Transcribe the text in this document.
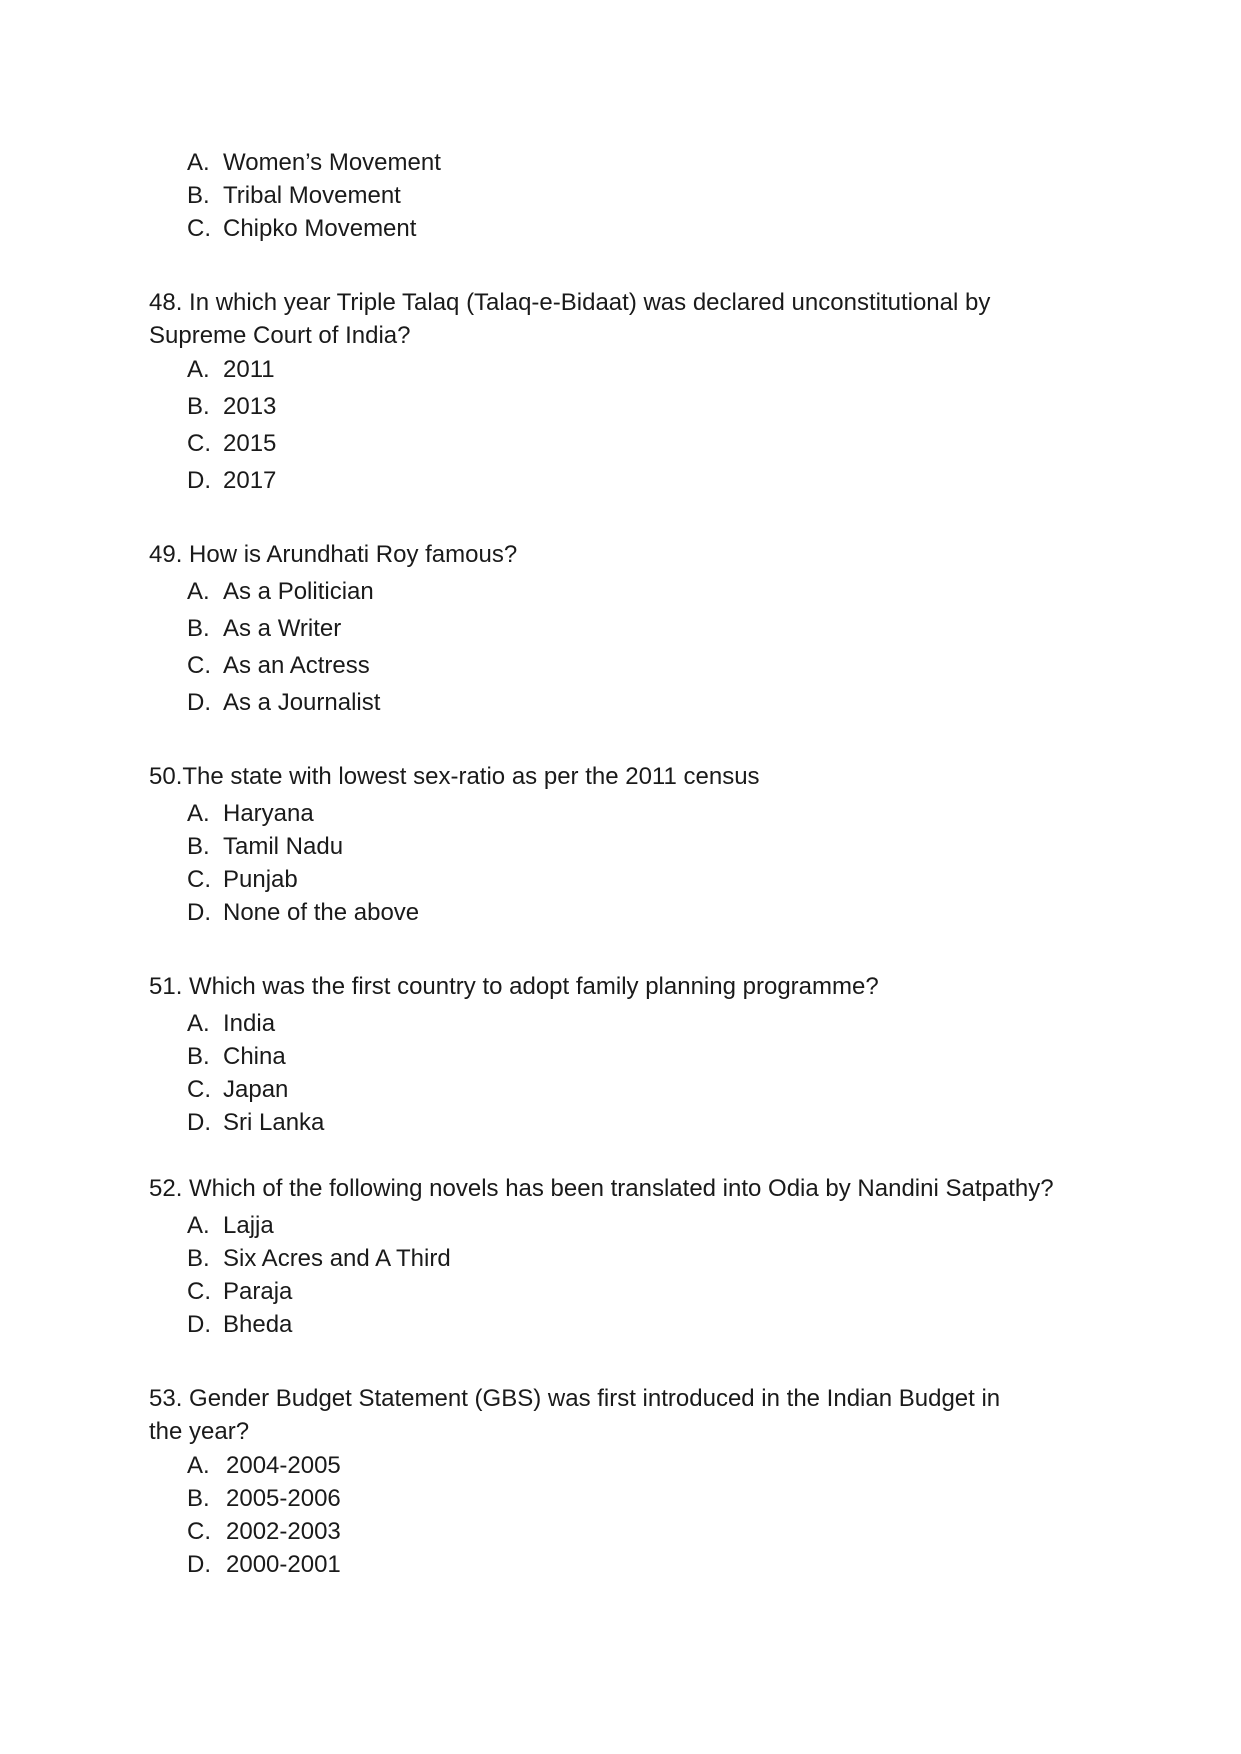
A. Women’s Movement
B. Tribal Movement
C. Chipko Movement
48. In which year Triple Talaq (Talaq-e-Bidaat) was declared unconstitutional by
Supreme Court of India?
A. 2011
B. 2013
C. 2015
D. 2017
49. How is Arundhati Roy famous?
A. As a Politician
B. As a Writer
C. As an Actress
D. As a Journalist
50.The state with lowest sex-ratio as per the 2011 census
A. Haryana
B. Tamil Nadu
C. Punjab
D. None of the above
51. Which was the first country to adopt family planning programme?
A. India
B. China
C. Japan
D. Sri Lanka
52. Which of the following novels has been translated into Odia by Nandini Satpathy?
A. Lajja
B. Six Acres and A Third
C. Paraja
D. Bheda
53. Gender Budget Statement (GBS) was first introduced in the Indian Budget in
the year?
A. 2004-2005
B. 2005-2006
C. 2002-2003
D. 2000-2001
